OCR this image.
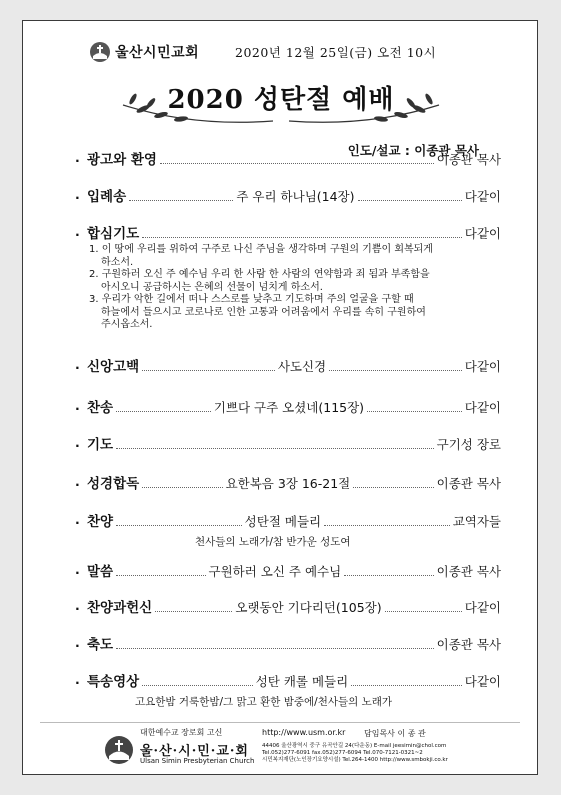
울산시민교회	2020년 12월 25일(금) 오전 10시
2020 성탄절 예배
인도/설교 : 이종관 목사
· 광고와 환영	이종관 목사
· 입례송	주 우리 하나님(14장)	다같이
· 합심기도	다같이
1. 이 땅에 우리를 위하여 구주로 나신 주님을 생각하며 구원의 기쁨이 회복되게
하소서.
2. 구원하러 오신 주 예수님 우리 한 사람 한 사람의 연약함과 죄 됨과 부족함을
아시오니 공급하시는 은혜의 선물이 넘치게 하소서.
3. 우리가 악한 길에서 떠나 스스로를 낮추고 기도하며 주의 얼굴을 구할 때
하늘에서 들으시고 코로나로 인한 고통과 어려움에서 우리를 속히 구원하여
주시옵소서.
· 신앙고백	사도신경	다같이
· 찬송	기쁘다 구주 오셨네(115장)	다같이
· 기도	구기성 장로
· 성경합독	요한복음 3장 16-21절	이종관 목사
· 찬양	성탄절 메들리	교역자들
천사들의 노래가/참 반가운 성도여
· 말씀	구원하러 오신 주 예수님	이종관 목사
· 찬양과헌신	오랫동안 기다리던(105장)	다같이
· 축도	이종관 목사
· 특송영상	성탄 캐롤 메들리	다같이
고요한밤 거룩한밤/그 맑고 환한 밤중에/천사들의 노래가
대한예수교 장로회 고신
울·산·시·민·교·회
Ulsan Simin Presbyterian Church
http://www.usm.or.kr 담임목사 이 종 관
44406 울산광역시 중구 유곡안길 24(다운동) E-mail jeesimin@chol.com
Tel.052)277-6091 fax.052)277-6094 Tel.070-7121-0321~2
시민복지재단(노인장기요양시설) Tel.264-1400 http://www.smbokji.co.kr
